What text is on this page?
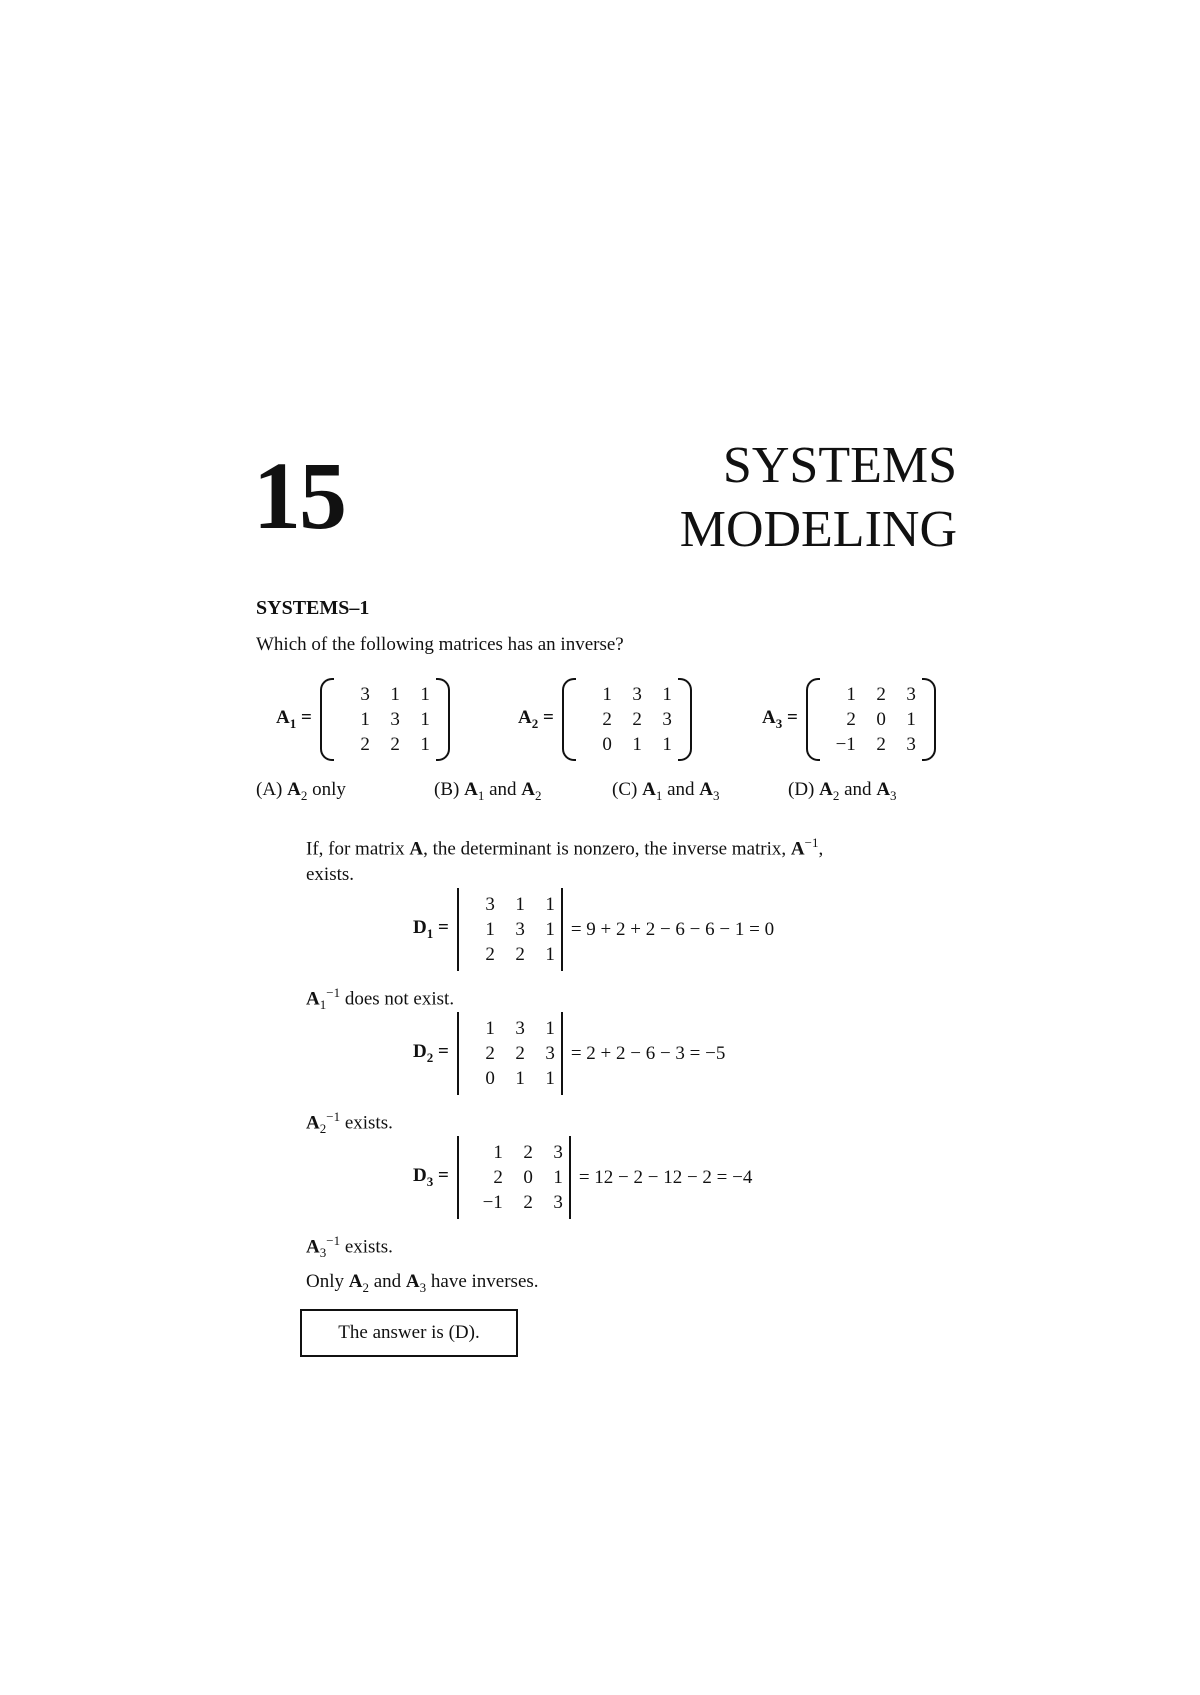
15	SYSTEMS
MODELING
SYSTEMS–1
Which of the following matrices has an inverse?
$A_1$ =
3	1	1
1	3	1
2	2	1
$A_2$ =
1	3	1
2	2	3
0	1	1
$A_3$ =
1	2	3
2	0	1
−1	2	3
(A) $A_2$ only	(B) $A_1$ and $A_2$	(C) $A_1$ and $A_3$	(D) $A_2$ and $A_3$
If, for matrix A, the determinant is nonzero, the inverse matrix, $A^{-1}$,
exists.
$D_1$ =
3	1	1
1	3	1
2	2	1
= 9 + 2 + 2 − 6 − 6 − 1 = 0
$A_1^{-1}$ does not exist.
$D_2$ =
1	3	1
2	2	3
0	1	1
= 2 + 2 − 6 − 3 = −5
$A_2^{-1}$ exists.
$D_3$ =
1	2	3
2	0	1
−1	2	3
= 12 − 2 − 12 − 2 = −4
$A_3^{-1}$ exists.
Only $A_2$ and $A_3$ have inverses.
The answer is (D).
